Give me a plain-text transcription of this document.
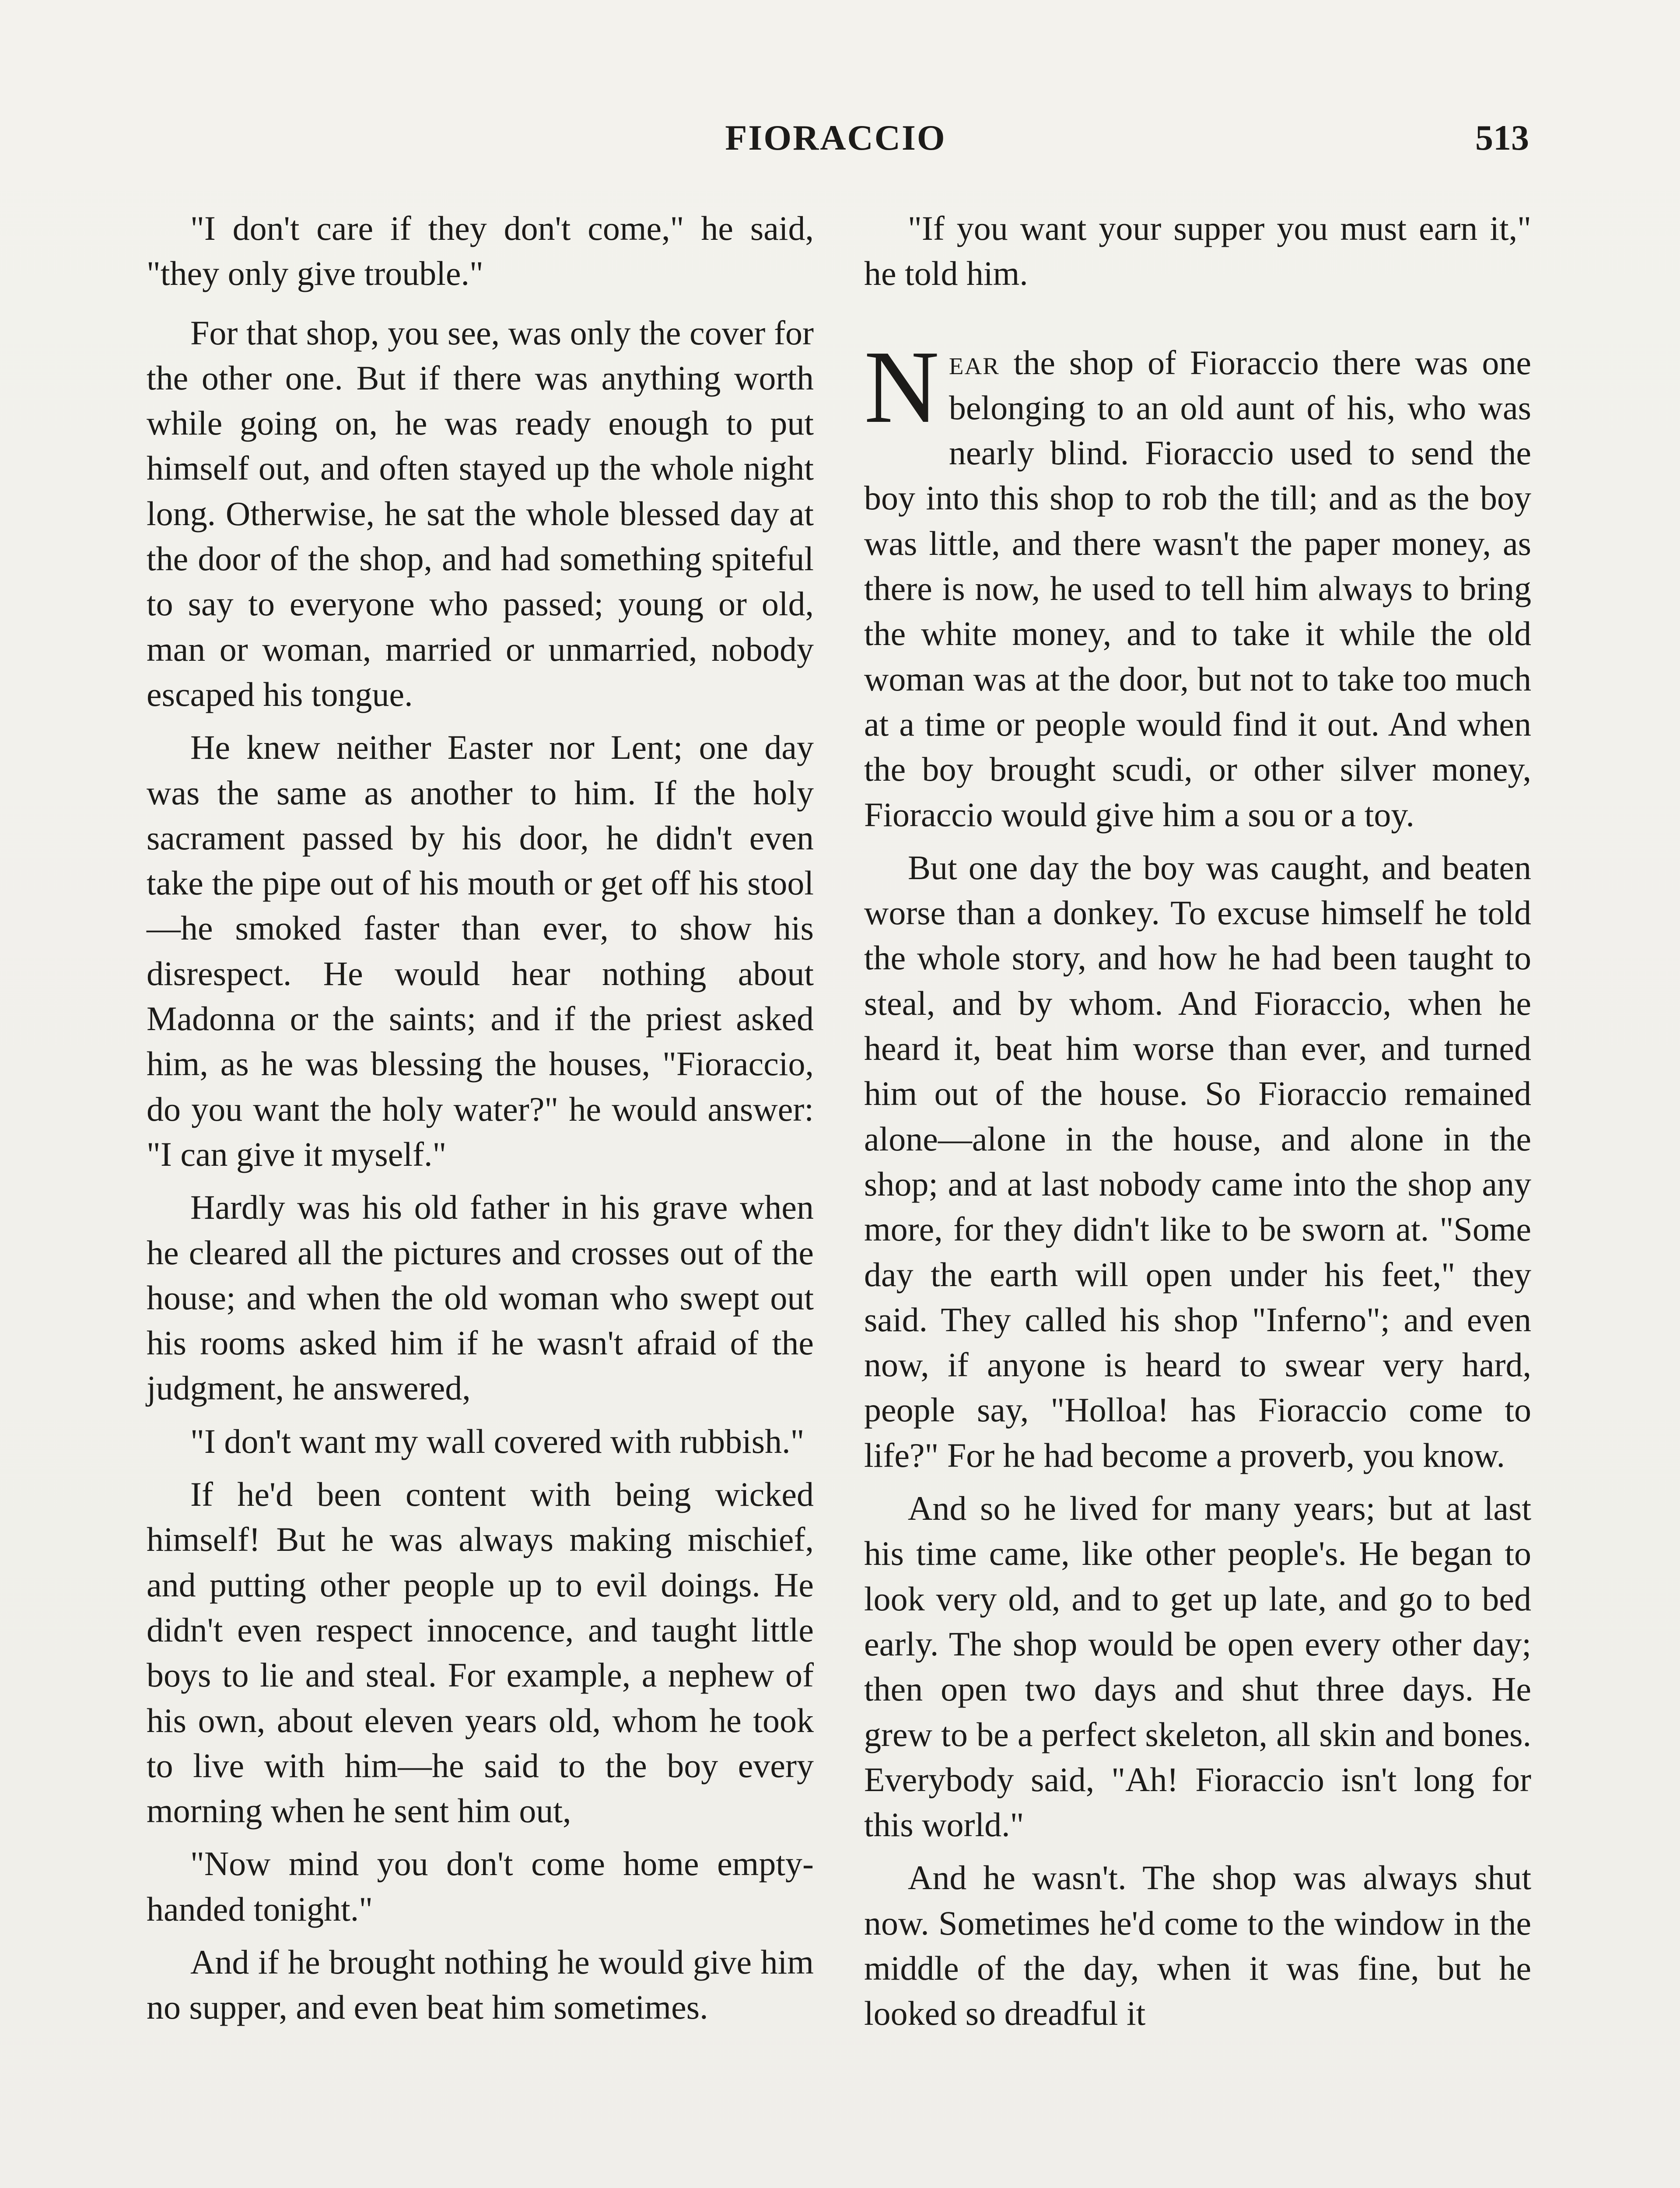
FIORACCIO	513

"I don't care if they don't come," he said, "they only give trouble."

For that shop, you see, was only the cover for the other one. But if there was anything worth while going on, he was ready enough to put himself out, and often stayed up the whole night long. Otherwise, he sat the whole blessed day at the door of the shop, and had something spiteful to say to everyone who passed; young or old, man or woman, married or unmarried, nobody escaped his tongue.

He knew neither Easter nor Lent; one day was the same as another to him. If the holy sacrament passed by his door, he didn't even take the pipe out of his mouth or get off his stool—he smoked faster than ever, to show his disrespect. He would hear nothing about Madonna or the saints; and if the priest asked him, as he was blessing the houses, "Fioraccio, do you want the holy water?" he would answer: "I can give it myself."

Hardly was his old father in his grave when he cleared all the pictures and crosses out of the house; and when the old woman who swept out his rooms asked him if he wasn't afraid of the judgment, he answered,

"I don't want my wall covered with rubbish."

If he'd been content with being wicked himself! But he was always making mischief, and putting other people up to evil doings. He didn't even respect innocence, and taught little boys to lie and steal. For example, a nephew of his own, about eleven years old, whom he took to live with him—he said to the boy every morning when he sent him out,

"Now mind you don't come home empty-handed tonight."

And if he brought nothing he would give him no supper, and even beat him sometimes.

"If you want your supper you must earn it," he told him.

Near the shop of Fioraccio there was one belonging to an old aunt of his, who was nearly blind. Fioraccio used to send the boy into this shop to rob the till; and as the boy was little, and there wasn't the paper money, as there is now, he used to tell him always to bring the white money, and to take it while the old woman was at the door, but not to take too much at a time or people would find it out. And when the boy brought scudi, or other silver money, Fioraccio would give him a sou or a toy.

But one day the boy was caught, and beaten worse than a donkey. To excuse himself he told the whole story, and how he had been taught to steal, and by whom. And Fioraccio, when he heard it, beat him worse than ever, and turned him out of the house. So Fioraccio remained alone—alone in the house, and alone in the shop; and at last nobody came into the shop any more, for they didn't like to be sworn at. "Some day the earth will open under his feet," they said. They called his shop "Inferno"; and even now, if anyone is heard to swear very hard, people say, "Holloa! has Fioraccio come to life?" For he had become a proverb, you know.

And so he lived for many years; but at last his time came, like other people's. He began to look very old, and to get up late, and go to bed early. The shop would be open every other day; then open two days and shut three days. He grew to be a perfect skeleton, all skin and bones. Everybody said, "Ah! Fioraccio isn't long for this world."

And he wasn't. The shop was always shut now. Sometimes he'd come to the window in the middle of the day, when it was fine, but he looked so dreadful it
